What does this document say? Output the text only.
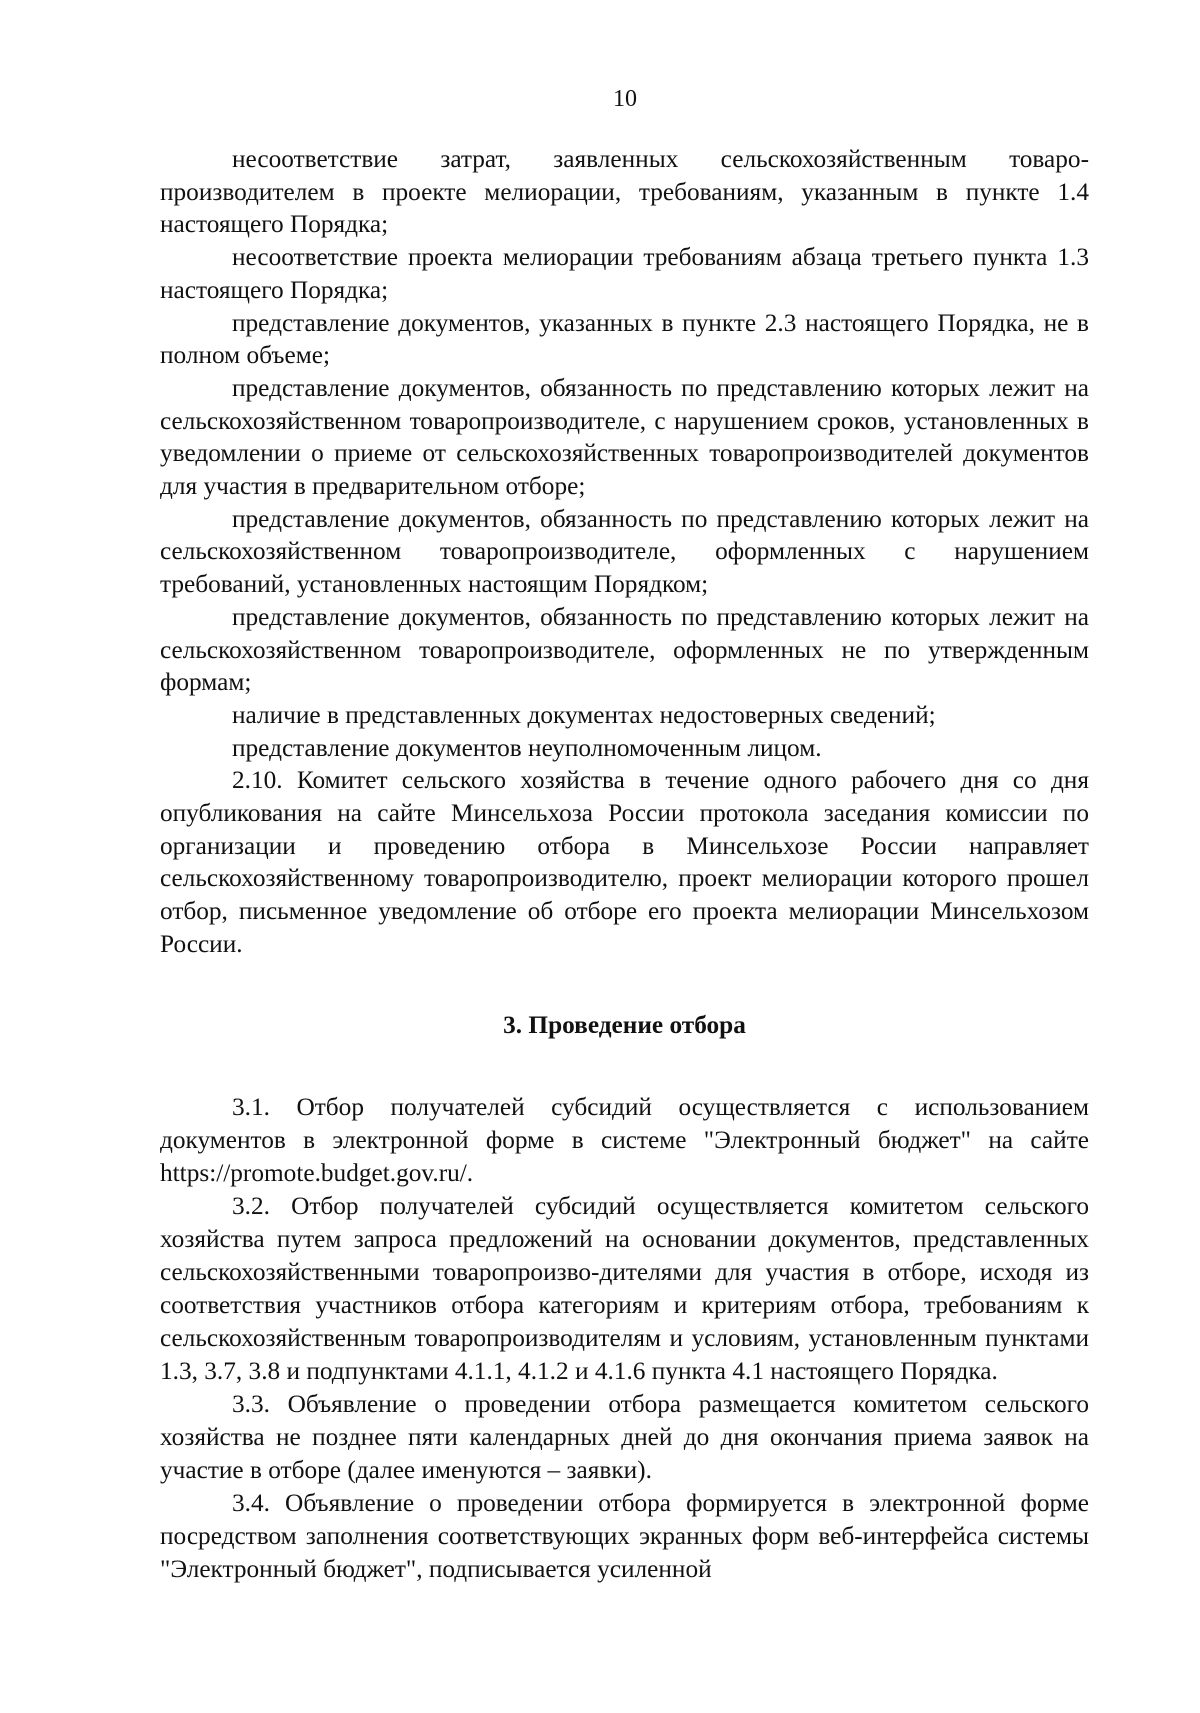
10

несоответствие затрат, заявленных сельскохозяйственным товаро-производителем в проекте мелиорации, требованиям, указанным в пункте 1.4 настоящего Порядка;

несоответствие проекта мелиорации требованиям абзаца третьего пункта 1.3 настоящего Порядка;

представление документов, указанных в пункте 2.3 настоящего Порядка, не в полном объеме;

представление документов, обязанность по представлению которых лежит на сельскохозяйственном товаропроизводителе, с нарушением сроков, установленных в уведомлении о приеме от сельскохозяйственных товаропроизводителей документов для участия в предварительном отборе;

представление документов, обязанность по представлению которых лежит на сельскохозяйственном товаропроизводителе, оформленных с нарушением требований, установленных настоящим Порядком;

представление документов, обязанность по представлению которых лежит на сельскохозяйственном товаропроизводителе, оформленных не по утвержденным формам;

наличие в представленных документах недостоверных сведений;

представление документов неуполномоченным лицом.

2.10. Комитет сельского хозяйства в течение одного рабочего дня со дня опубликования на сайте Минсельхоза России протокола заседания комиссии по организации и проведению отбора в Минсельхозе России направляет сельскохозяйственному товаропроизводителю, проект мелиорации которого прошел отбор, письменное уведомление об отборе его проекта мелиорации Минсельхозом России.

3. Проведение отбора

3.1. Отбор получателей субсидий осуществляется с использованием документов в электронной форме в системе "Электронный бюджет" на сайте https://promote.budget.gov.ru/.

3.2. Отбор получателей субсидий осуществляется комитетом сельского хозяйства путем запроса предложений на основании документов, представленных сельскохозяйственными товаропроизво-дителями для участия в отборе, исходя из соответствия участников отбора категориям и критериям отбора, требованиям к сельскохозяйственным товаропроизводителям и условиям, установленным пунктами 1.3, 3.7, 3.8 и подпунктами 4.1.1, 4.1.2 и 4.1.6 пункта 4.1 настоящего Порядка.

3.3. Объявление о проведении отбора размещается комитетом сельского хозяйства не позднее пяти календарных дней до дня окончания приема заявок на участие в отборе (далее именуются – заявки).

3.4. Объявление о проведении отбора формируется в электронной форме посредством заполнения соответствующих экранных форм веб-интерфейса системы "Электронный бюджет", подписывается усиленной
